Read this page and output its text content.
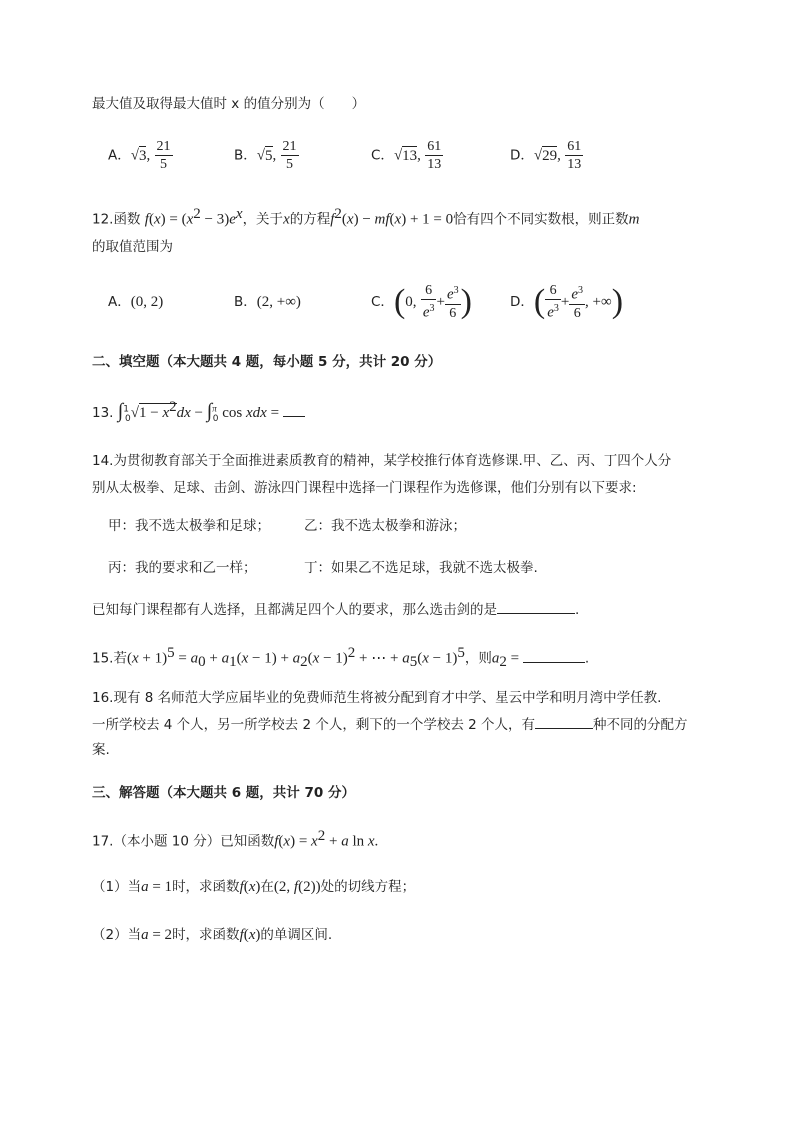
最大值及取得最大值时 x 的值分别为（　　）
A．√3, $\frac{21}{5}$	B．√5, $\frac{21}{5}$	C．√13, $\frac{61}{13}$	D．√29, $\frac{61}{13}$
12.函数 $f(x) = (x^2 - 3)e^x$，关于x的方程$f^2(x) - mf(x) + 1 = 0$恰有四个不同实数根，则正数m
的取值范围为
A．(0, 2)	B．(2, +∞)	C．(0, $\frac{6}{e^3} + \frac{e^3}{6}$ )	D．( $\frac{6}{e^3} + \frac{e^3}{6}$ , +∞)
二、填空题（本大题共 4 题，每小题 5 分，共计 20 分）
13. $\int^1_0√1 - x^2dx - \int^\pi_0$ cos xdx =
14.为贯彻教育部关于全面推进素质教育的精神，某学校推行体育选修课.甲、乙、丙、丁四个人分
别从太极拳、足球、击剑、游泳四门课程中选择一门课程作为选修课，他们分别有以下要求:
甲：我不选太极拳和足球；	乙：我不选太极拳和游泳；
丙：我的要求和乙一样；	丁：如果乙不选足球，我就不选太极拳.
已知每门课程都有人选择，且都满足四个人的要求，那么选击剑的是	.
15.若$(x + 1)^5 = a_0 + a_1(x - 1) + a_2(x - 1)^2$ + ⋯ + $a_5(x - 1)^5$，则$a_2$ =	.
16.现有 8 名师范大学应届毕业的免费师范生将被分配到育才中学、星云中学和明月湾中学任教.
一所学校去 4 个人，另一所学校去 2 个人，剩下的一个学校去 2 个人，有	种不同的分配方
案.
三、解答题（本大题共 6 题，共计 70 分）
17.（本小题 10 分）已知函数$f(x) = x^2 + a$ ln x.
（1）当a = 1时，求函数f(x)在(2, f(2))处的切线方程；
（2）当a = 2时，求函数f(x)的单调区间.
